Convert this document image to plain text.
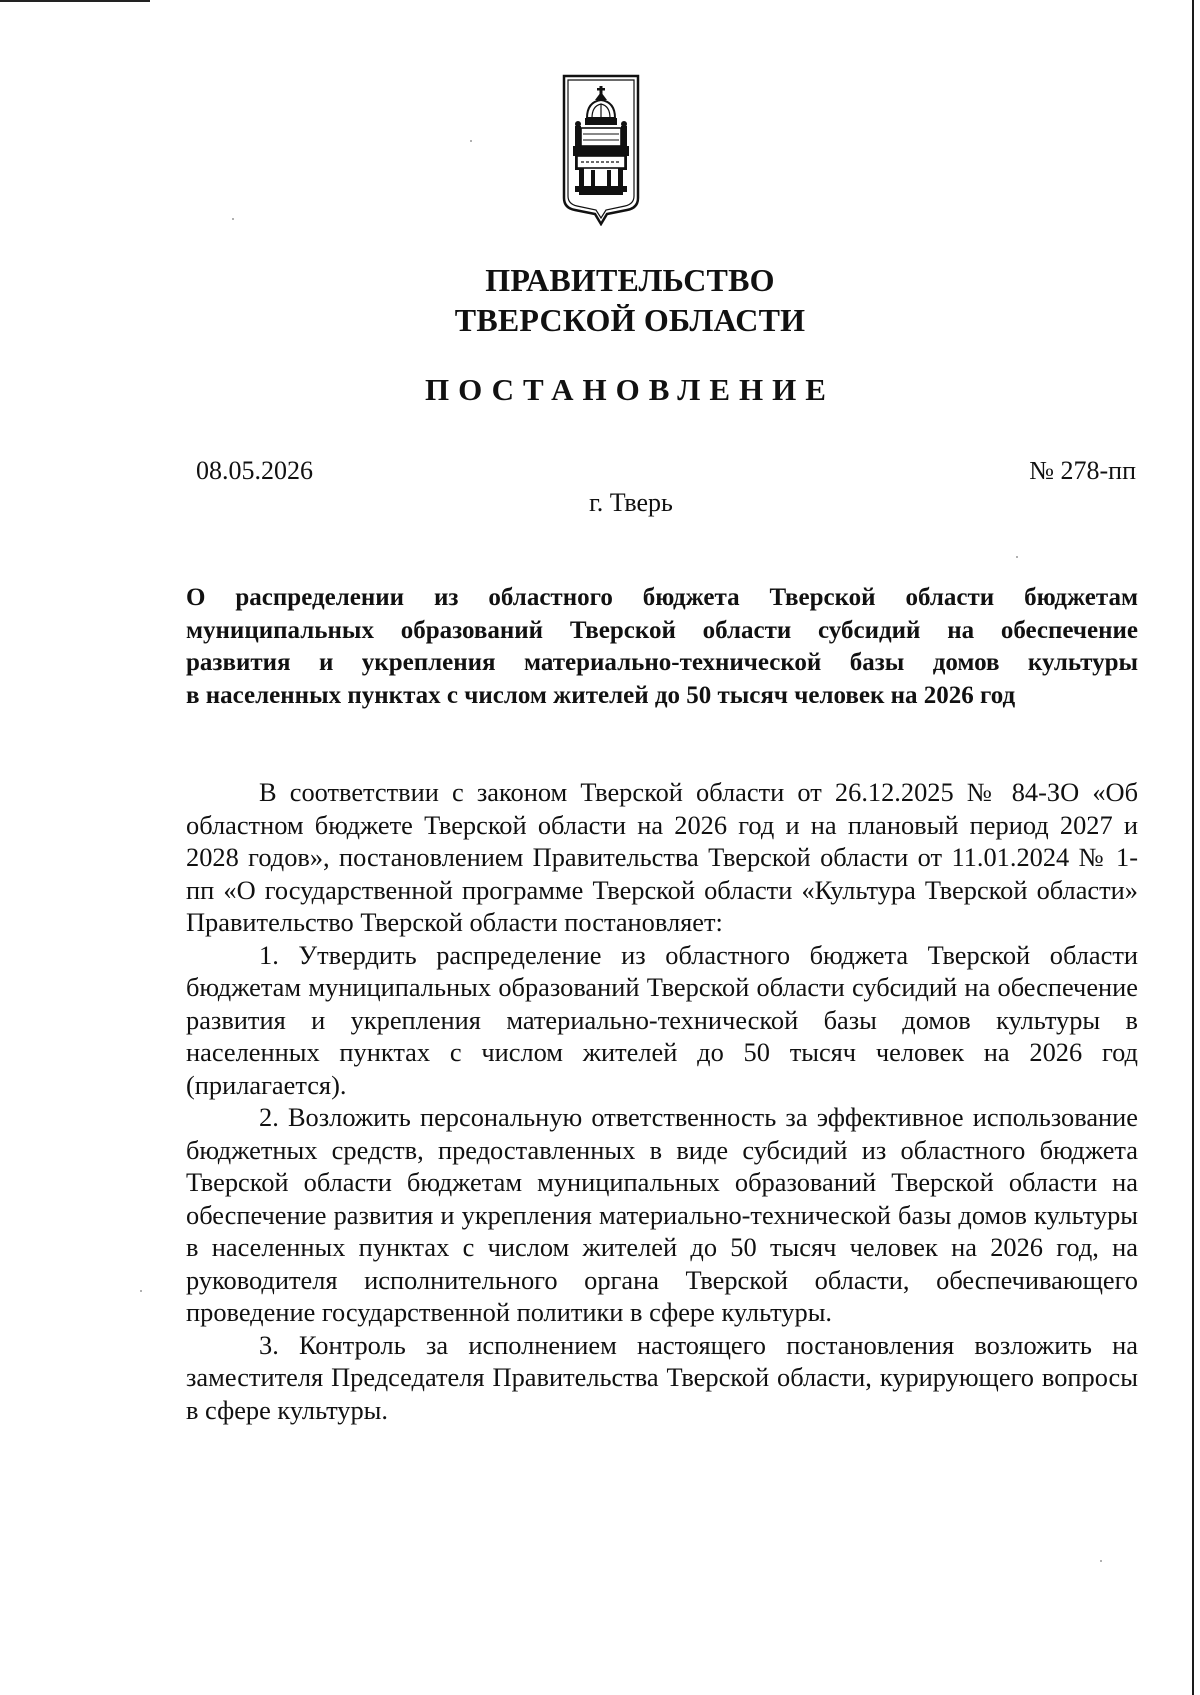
ПРАВИТЕЛЬСТВО
ТВЕРСКОЙ ОБЛАСТИ
ПОСТАНОВЛЕНИЕ
08.05.2026	№ 278-пп
г. Тверь
О распределении из областного бюджета Тверской области бюджетам
муниципальных образований Тверской области субсидий на обеспечение
развития и укрепления материально-технической базы домов культуры
в населенных пунктах с числом жителей до 50 тысяч человек на 2026 год

В соответствии с законом Тверской области от 26.12.2025 № 84-ЗО «Об областном бюджете Тверской области на 2026 год и на плановый период 2027 и 2028 годов», постановлением Правительства Тверской области от 11.01.2024 № 1-пп «О государственной программе Тверской области «Культура Тверской области» Правительство Тверской области постановляет:

1. Утвердить распределение из областного бюджета Тверской области бюджетам муниципальных образований Тверской области субсидий на обеспечение развития и укрепления материально-технической базы домов культуры в населенных пунктах с числом жителей до 50 тысяч человек на 2026 год (прилагается).

2. Возложить персональную ответственность за эффективное использование бюджетных средств, предоставленных в виде субсидий из областного бюджета Тверской области бюджетам муниципальных образований Тверской области на обеспечение развития и укрепления материально-технической базы домов культуры в населенных пунктах с числом жителей до 50 тысяч человек на 2026 год, на руководителя исполнительного органа Тверской области, обеспечивающего проведение государственной политики в сфере культуры.

3. Контроль за исполнением настоящего постановления возложить на заместителя Председателя Правительства Тверской области, курирующего вопросы в сфере культуры.
